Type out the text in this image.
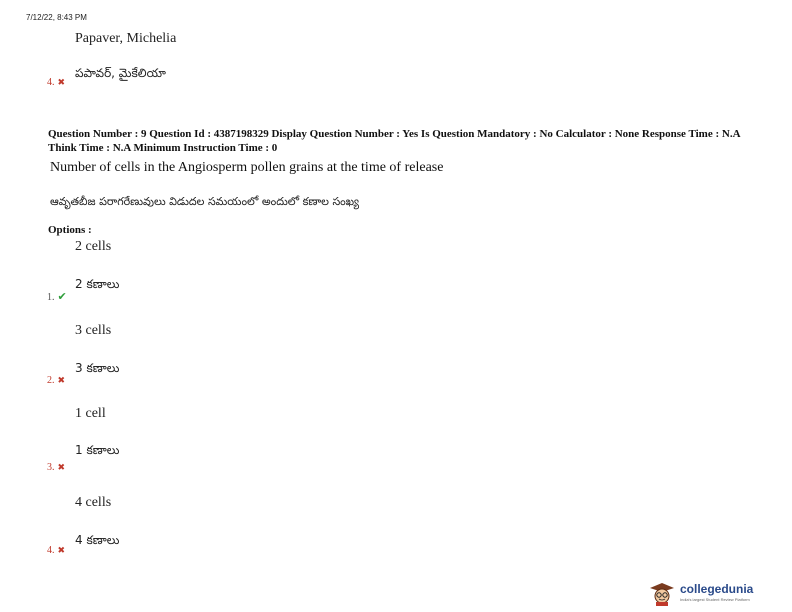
7/12/22, 8:43 PM
Papaver, Michelia
పపావర్, మైకేలియా
4. ✖
Question Number : 9 Question Id : 4387198329 Display Question Number : Yes Is Question Mandatory : No Calculator : None Response Time : N.A Think Time : N.A Minimum Instruction Time : 0
Number of cells in the Angiosperm pollen grains at the time of release
ఆవృతబీజ పరాగరేణువులు విడుదల సమయంలో అందులో కణాల సంఖ్య
Options :
2 cells
2 కణాలు
1. ✔
3 cells
3 కణాలు
2. ✖
1 cell
1 కణాలు
3. ✖
4 cells
4 కణాలు
4. ✖
collegedunia
India's largest Student Review Platform
